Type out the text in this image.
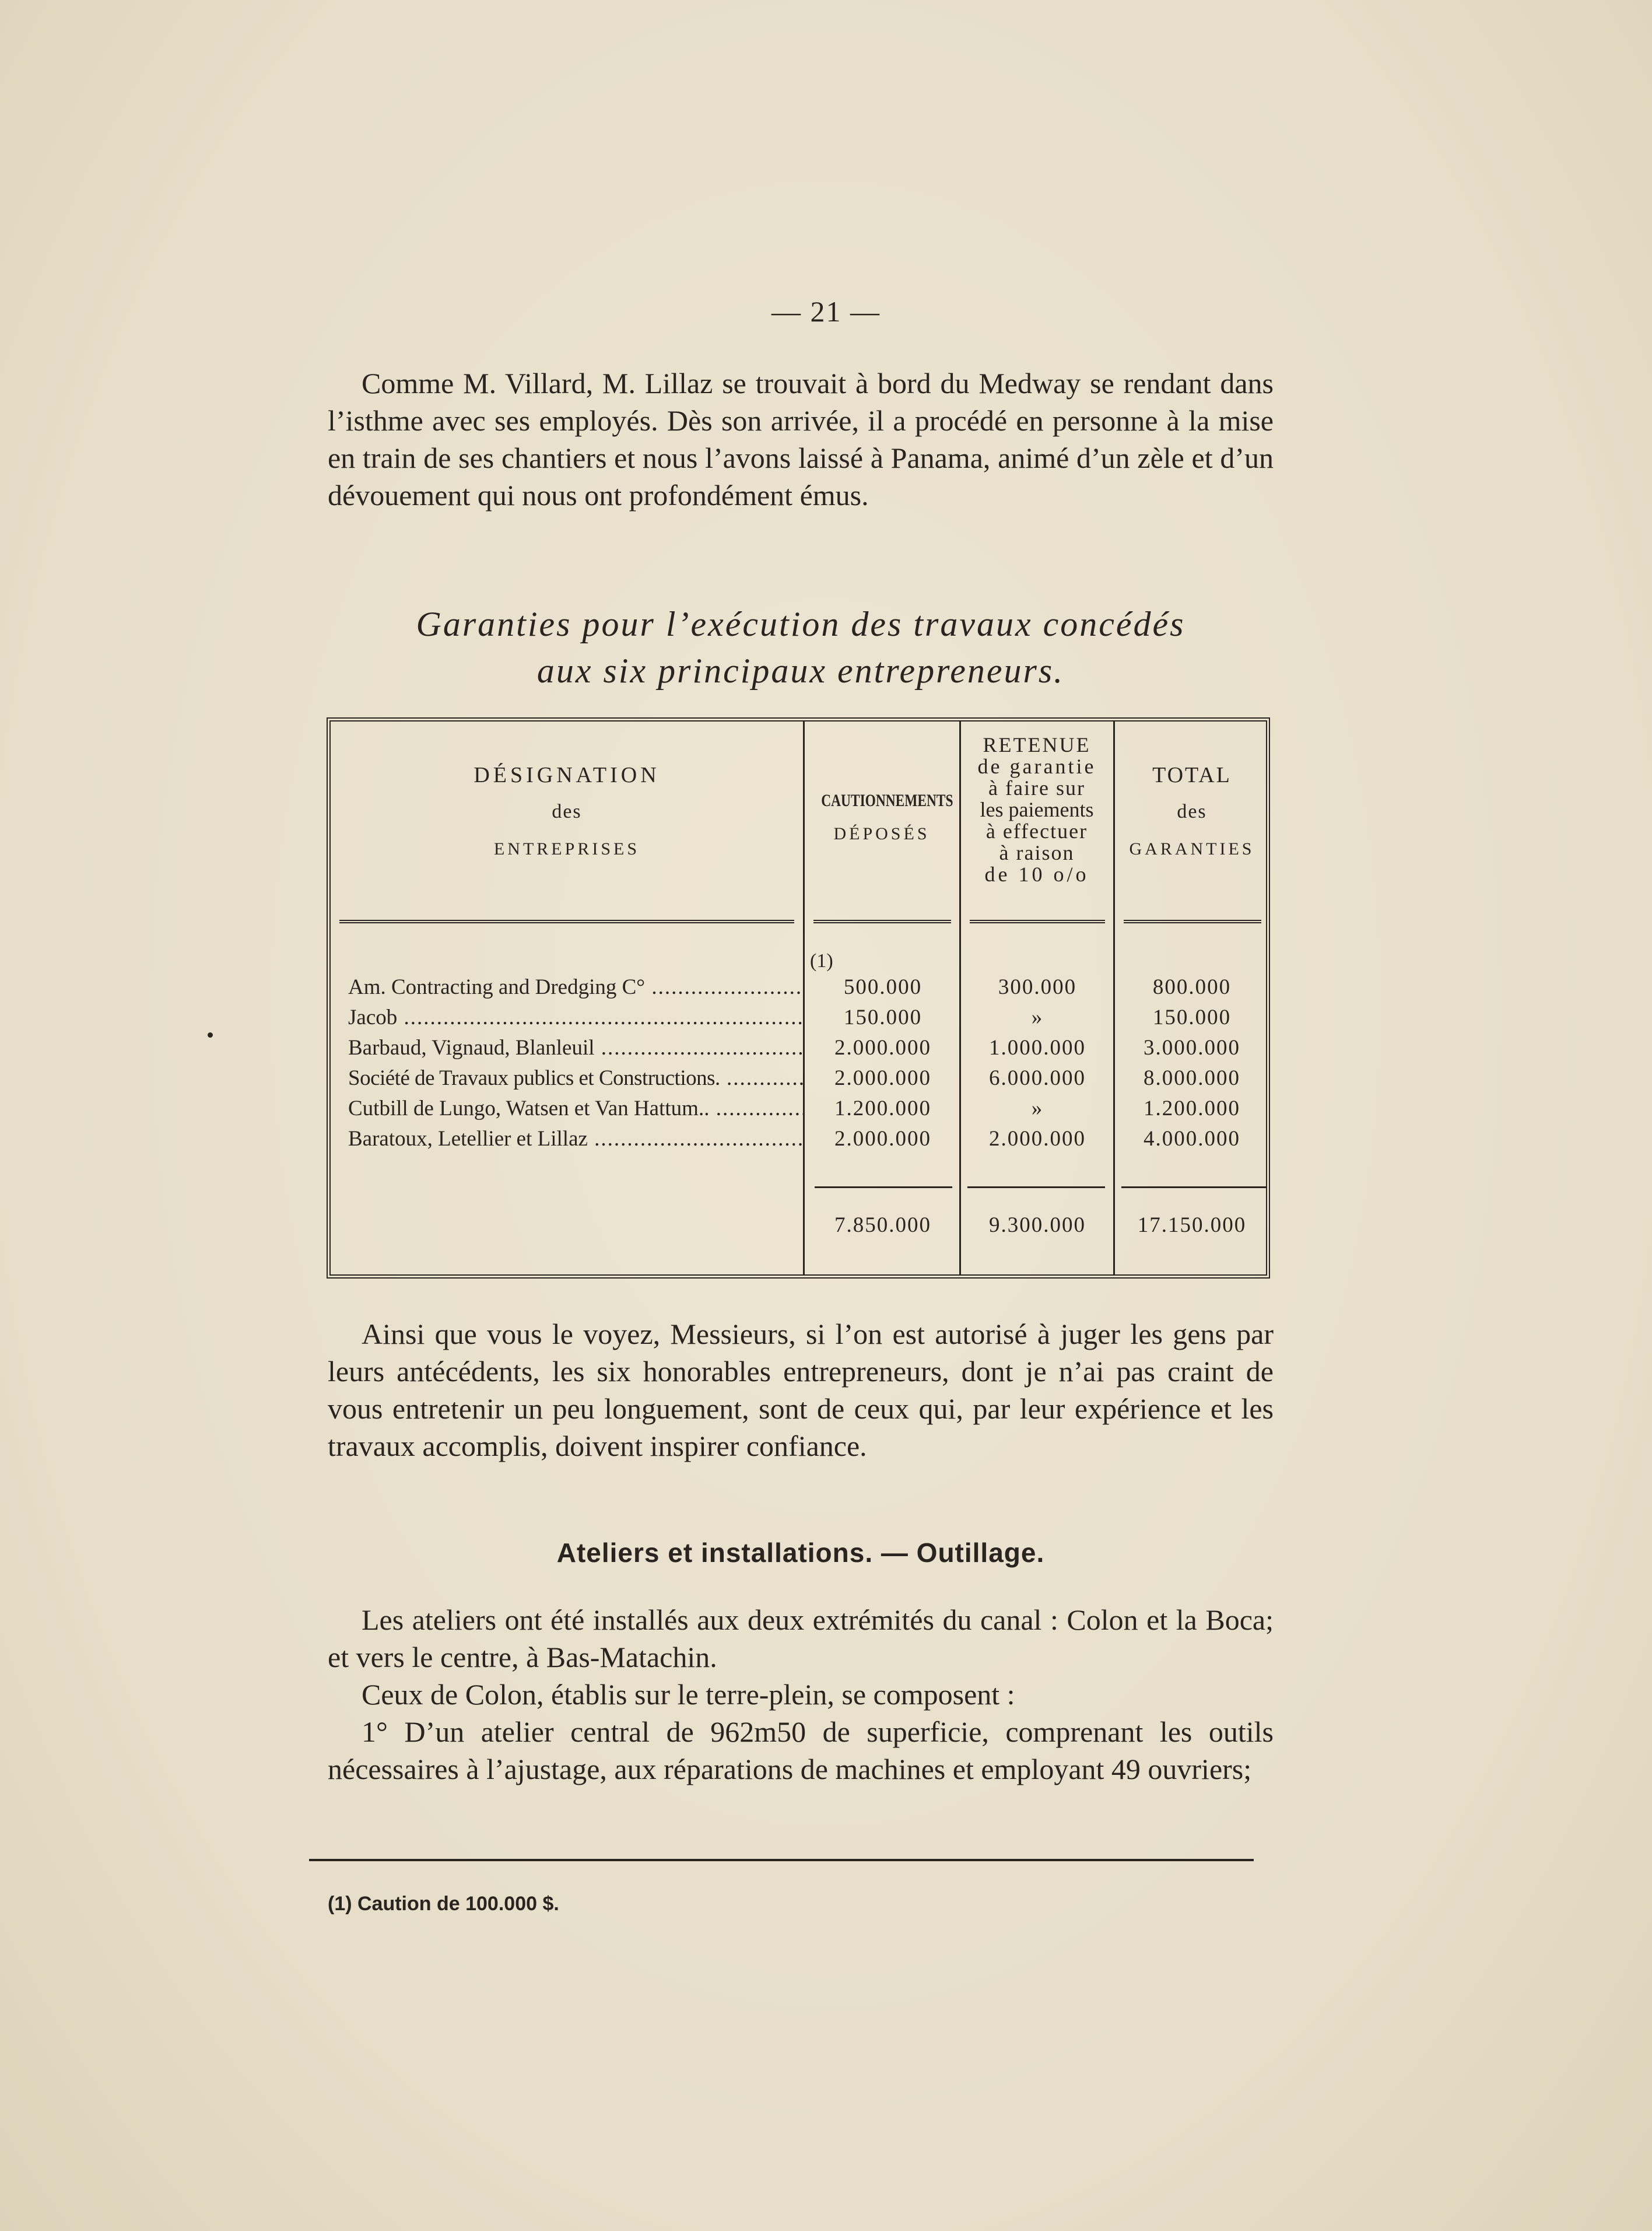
— 21 —

Comme M. Villard, M. Lillaz se trouvait à bord du Medway se rendant dans l’isthme avec ses employés. Dès son arrivée, il a procédé en personne à la mise en train de ses chantiers et nous l’avons laissé à Panama, animé d’un zèle et d’un dévouement qui nous ont profondément émus.

Garanties pour l’exécution des travaux concédés
aux six principaux entrepreneurs.
DÉSIGNATION
des
ENTREPRISES
CAUTIONNEMENTS
DÉPOSÉS
RETENUE
de garantie
à faire sur
les paiements
à effectuer
à raison
de 10 o/o
TOTAL
des
GARANTIES
(1)
Am. Contracting and Dredging C° .....	500.000	300.000	800.000
Jacob .....	150.000	»	150.000
Barbaud, Vignaud, Blanleuil .....	2.000.000	1.000.000	3.000.000
Société de Travaux publics et Constructions. .....	2.000.000	6.000.000	8.000.000
Cutbill de Lungo, Watsen et Van Hattum.. .....	1.200.000	»	1.200.000
Baratoux, Letellier et Lillaz .....	2.000.000	2.000.000	4.000.000
7.850.000	9.300.000	17.150.000

Ainsi que vous le voyez, Messieurs, si l’on est autorisé à juger les gens par leurs antécédents, les six honorables entrepreneurs, dont je n’ai pas craint de vous entretenir un peu longuement, sont de ceux qui, par leur expérience et les travaux accomplis, doivent inspirer confiance.

Ateliers et installations. — Outillage.

Les ateliers ont été installés aux deux extrémités du canal : Colon et la Boca; et vers le centre, à Bas-Matachin.

Ceux de Colon, établis sur le terre-plein, se composent :

1° D’un atelier central de 962m50 de superficie, comprenant les outils nécessaires à l’ajustage, aux réparations de machines et employant 49 ouvriers;

(1) Caution de 100.000 $.
